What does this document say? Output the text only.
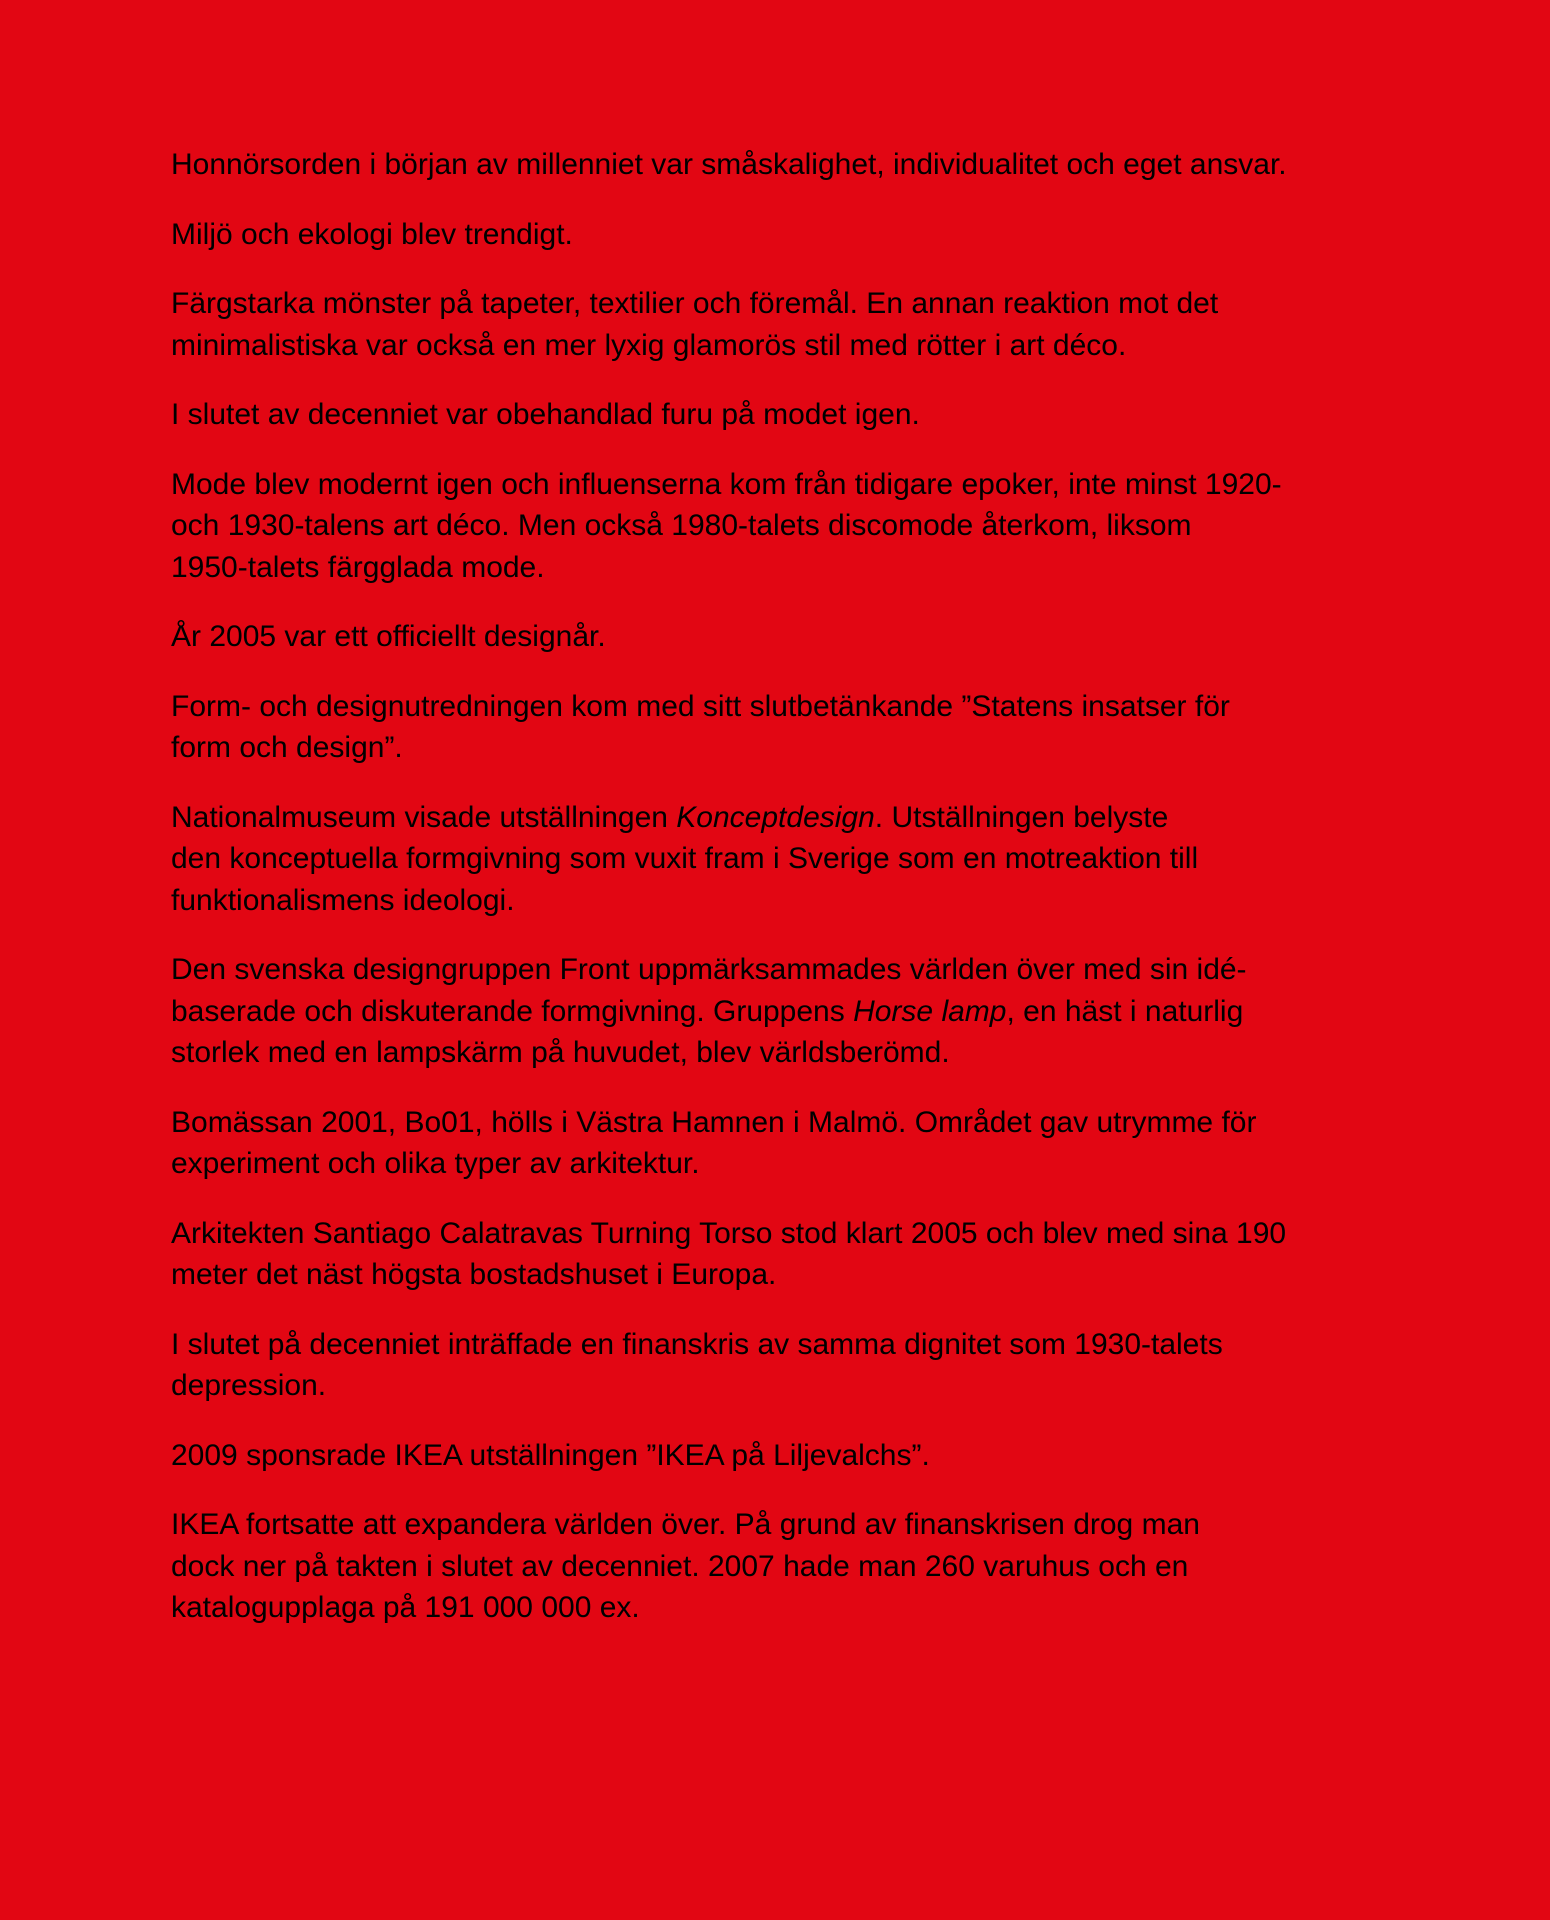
Honnörsorden i början av millenniet var småskalighet, individualitet och eget ansvar.

Miljö och ekologi blev trendigt.

Färgstarka mönster på tapeter, textilier och föremål. En annan reaktion mot det
minimalistiska var också en mer lyxig glamorös stil med rötter i art déco.

I slutet av decenniet var obehandlad furu på modet igen.

Mode blev modernt igen och influenserna kom från tidigare epoker, inte minst 1920-
och 1930-talens art déco. Men också 1980-talets discomode återkom, liksom
1950-talets färgglada mode.

År 2005 var ett officiellt designår.

Form- och designutredningen kom med sitt slutbetänkande ”Statens insatser för
form och design”.

Nationalmuseum visade utställningen Konceptdesign. Utställningen belyste
den konceptuella formgivning som vuxit fram i Sverige som en motreaktion till
funktionalismens ideologi.

Den svenska designgruppen Front uppmärksammades världen över med sin idé-
baserade och diskuterande formgivning. Gruppens Horse lamp, en häst i naturlig
storlek med en lampskärm på huvudet, blev världsberömd.

Bomässan 2001, Bo01, hölls i Västra Hamnen i Malmö. Området gav utrymme för
experiment och olika typer av arkitektur.

Arkitekten Santiago Calatravas Turning Torso stod klart 2005 och blev med sina 190
meter det näst högsta bostadshuset i Europa.

I slutet på decenniet inträffade en finanskris av samma dignitet som 1930-talets
depression.

2009 sponsrade IKEA utställningen ”IKEA på Liljevalchs”.

IKEA fortsatte att expandera världen över. På grund av finanskrisen drog man
dock ner på takten i slutet av decenniet. 2007 hade man 260 varuhus och en
katalogupplaga på 191 000 000 ex.
